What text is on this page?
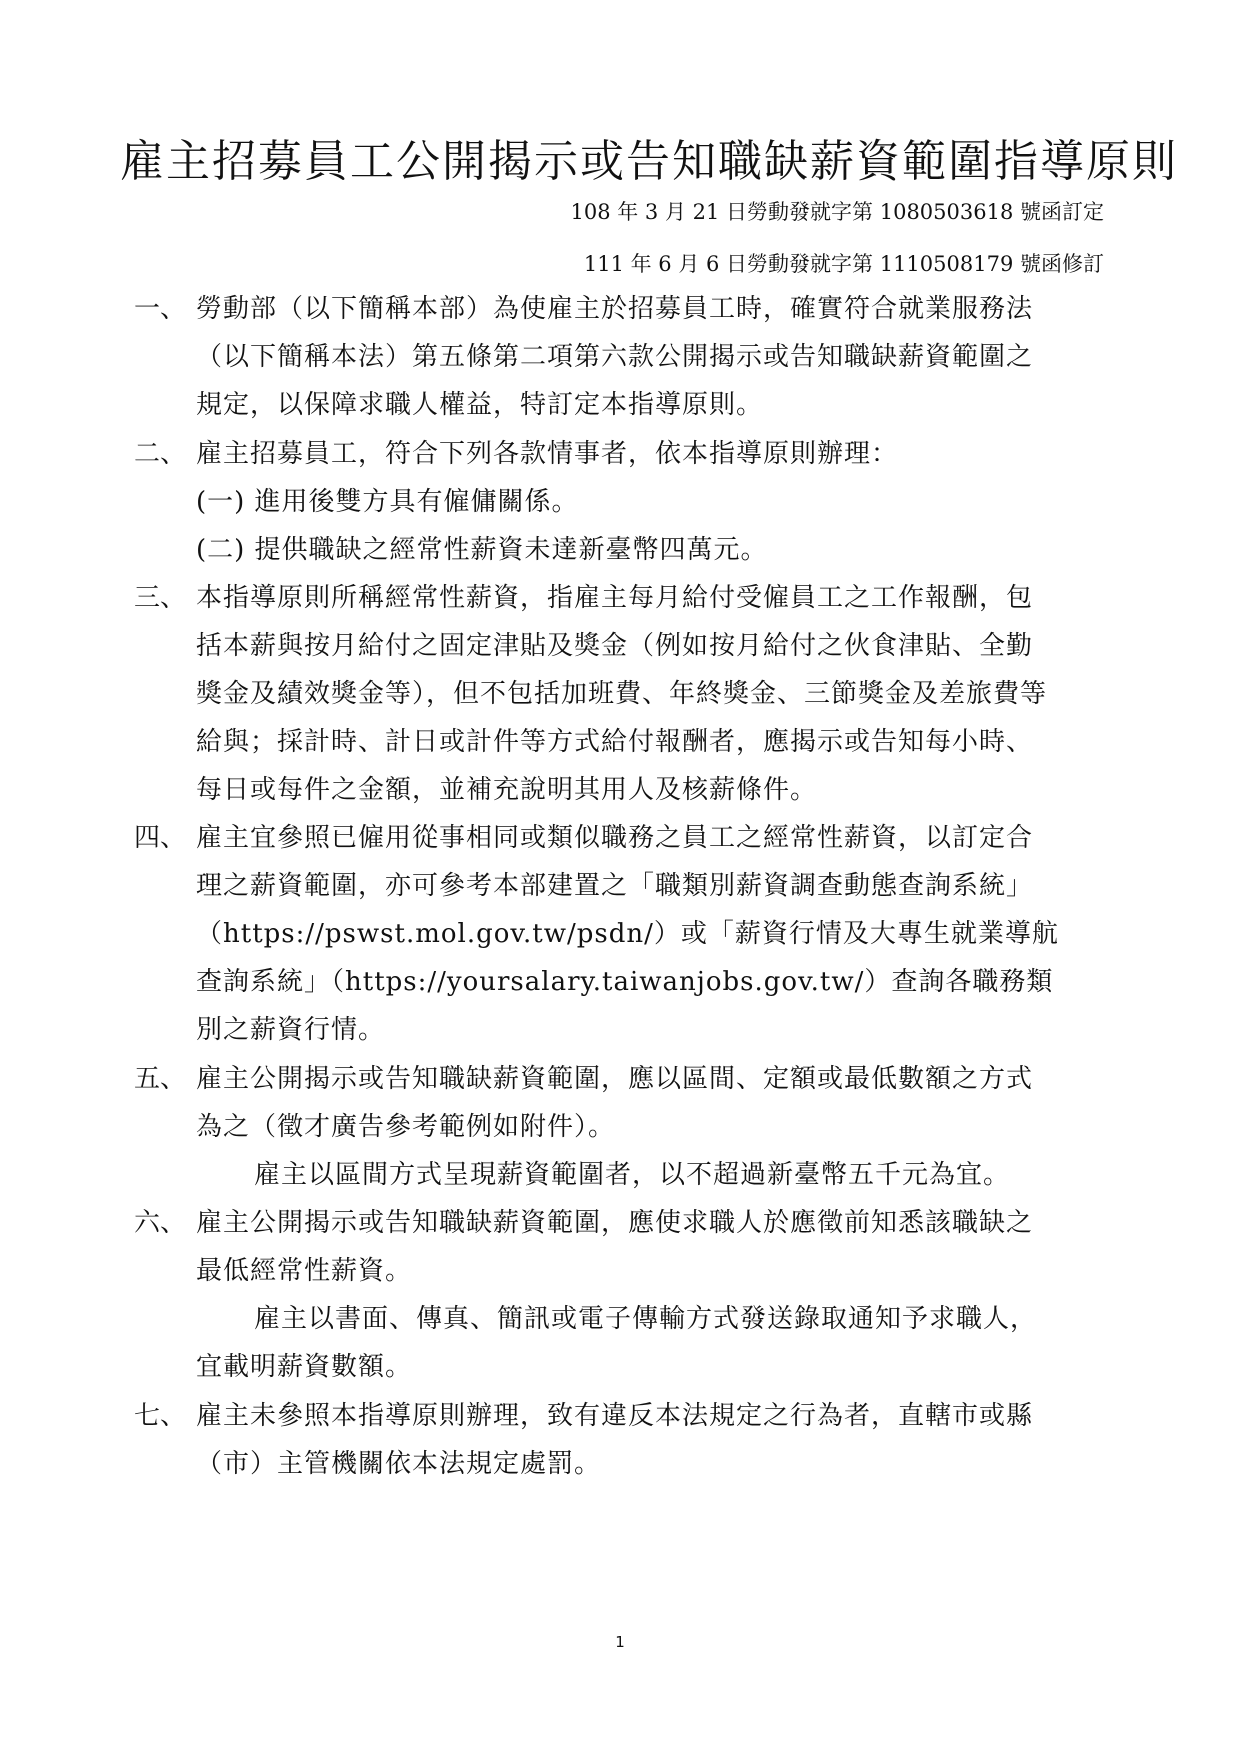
雇主招募員工公開揭示或告知職缺薪資範圍指導原則
108 年 3 月 21 日勞動發就字第 1080503618 號函訂定
111 年 6 月 6 日勞動發就字第 1110508179 號函修訂
一、 勞動部（以下簡稱本部）為使雇主於招募員工時，確實符合就業服務法
（以下簡稱本法）第五條第二項第六款公開揭示或告知職缺薪資範圍之
規定，以保障求職人權益，特訂定本指導原則。
二、 雇主招募員工，符合下列各款情事者，依本指導原則辦理：
(一) 進用後雙方具有僱傭關係。
(二) 提供職缺之經常性薪資未達新臺幣四萬元。
三、 本指導原則所稱經常性薪資，指雇主每月給付受僱員工之工作報酬，包
括本薪與按月給付之固定津貼及獎金（例如按月給付之伙食津貼、全勤
獎金及績效獎金等），但不包括加班費、年終獎金、三節獎金及差旅費等
給與；採計時、計日或計件等方式給付報酬者，應揭示或告知每小時、
每日或每件之金額，並補充說明其用人及核薪條件。
四、 雇主宜參照已僱用從事相同或類似職務之員工之經常性薪資，以訂定合
理之薪資範圍，亦可參考本部建置之「職類別薪資調查動態查詢系統」
（https://pswst.mol.gov.tw/psdn/）或「薪資行情及大專生就業導航
查詢系統」（https://yoursalary.taiwanjobs.gov.tw/）查詢各職務類
別之薪資行情。
五、 雇主公開揭示或告知職缺薪資範圍，應以區間、定額或最低數額之方式
為之（徵才廣告參考範例如附件）。
雇主以區間方式呈現薪資範圍者，以不超過新臺幣五千元為宜。
六、 雇主公開揭示或告知職缺薪資範圍，應使求職人於應徵前知悉該職缺之
最低經常性薪資。
雇主以書面、傳真、簡訊或電子傳輸方式發送錄取通知予求職人，
宜載明薪資數額。
七、 雇主未參照本指導原則辦理，致有違反本法規定之行為者，直轄市或縣
（市）主管機關依本法規定處罰。
1
